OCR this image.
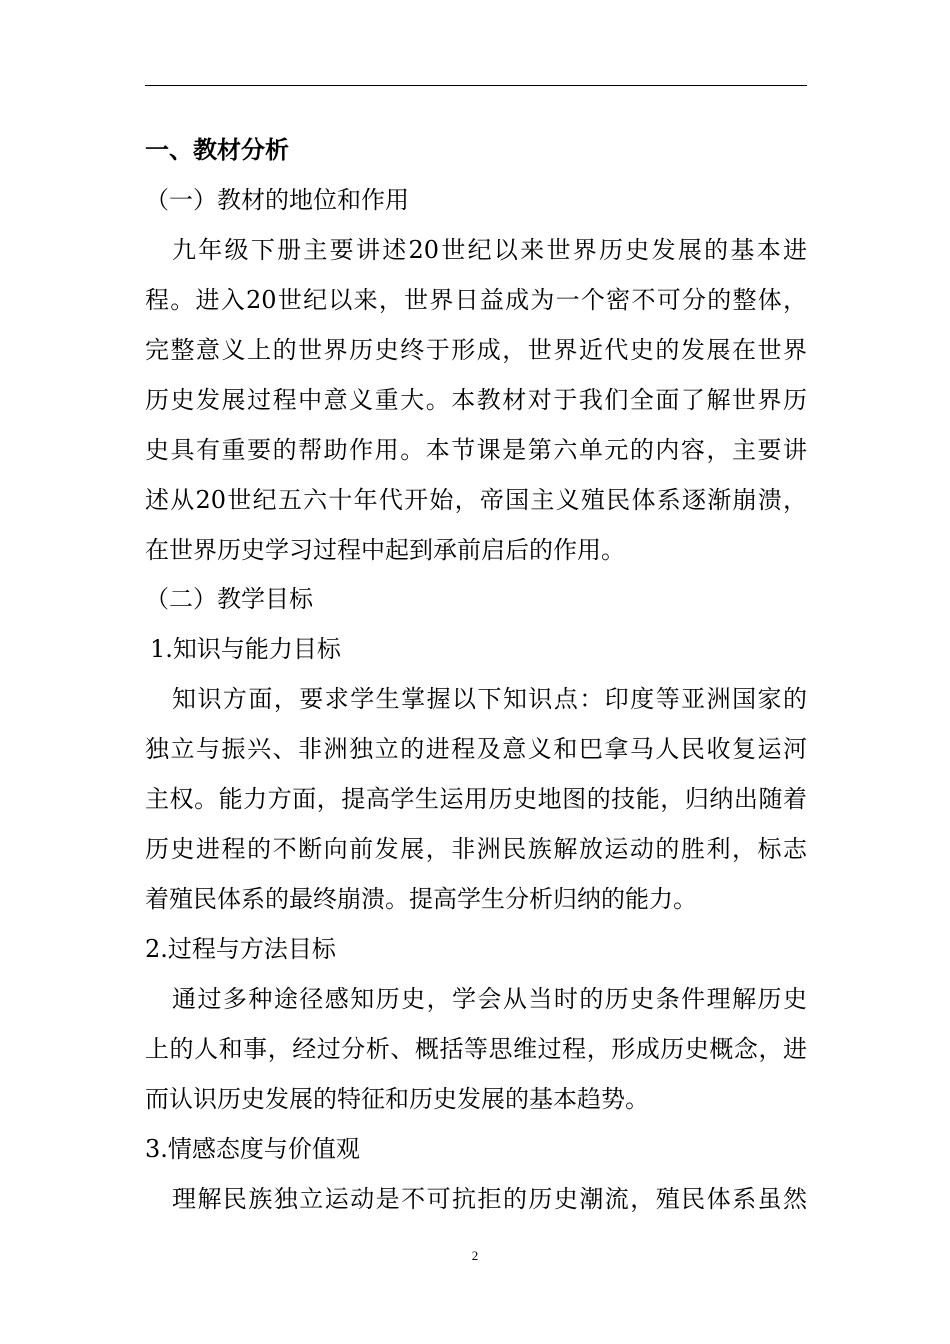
一、教材分析
（一）教材的地位和作用
九年级下册主要讲述20世纪以来世界历史发展的基本进
程。进入20世纪以来，世界日益成为一个密不可分的整体，
完整意义上的世界历史终于形成，世界近代史的发展在世界
历史发展过程中意义重大。本教材对于我们全面了解世界历
史具有重要的帮助作用。本节课是第六单元的内容，主要讲
述从20世纪五六十年代开始，帝国主义殖民体系逐渐崩溃，
在世界历史学习过程中起到承前启后的作用。
（二）教学目标
1.知识与能力目标
知识方面，要求学生掌握以下知识点：印度等亚洲国家的
独立与振兴、非洲独立的进程及意义和巴拿马人民收复运河
主权。能力方面，提高学生运用历史地图的技能，归纳出随着
历史进程的不断向前发展，非洲民族解放运动的胜利，标志
着殖民体系的最终崩溃。提高学生分析归纳的能力。
2.过程与方法目标
通过多种途径感知历史，学会从当时的历史条件理解历史
上的人和事，经过分析、概括等思维过程，形成历史概念，进
而认识历史发展的特征和历史发展的基本趋势。
3.情感态度与价值观
理解民族独立运动是不可抗拒的历史潮流，殖民体系虽然
2
